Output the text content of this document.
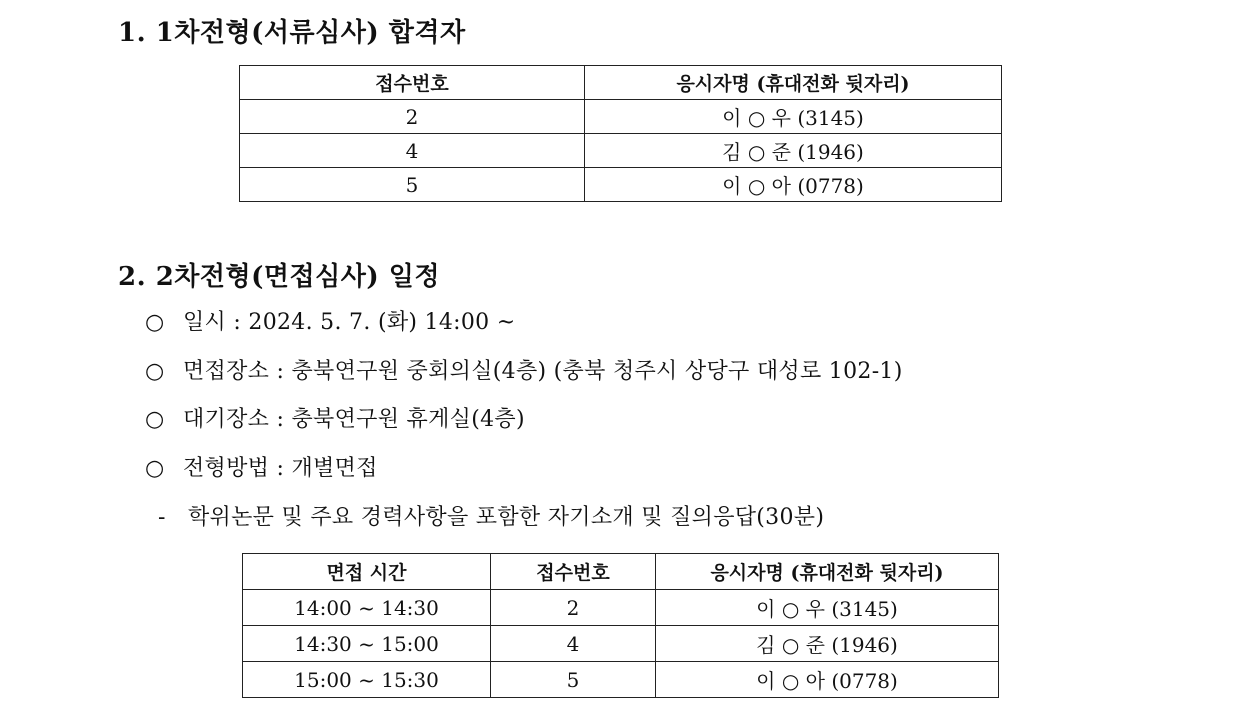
1. 1차전형(서류심사) 합격자
접수번호	응시자명 (휴대전화 뒷자리)
2	이 ○ 우 (3145)
4	김 ○ 준 (1946)
5	이 ○ 아 (0778)
2. 2차전형(면접심사) 일정
○ 일시 : 2024. 5. 7. (화) 14:00 ~
○ 면접장소 : 충북연구원 중회의실(4층) (충북 청주시 상당구 대성로 102-1)
○ 대기장소 : 충북연구원 휴게실(4층)
○ 전형방법 : 개별면접
- 학위논문 및 주요 경력사항을 포함한 자기소개 및 질의응답(30분)
면접 시간	접수번호	응시자명 (휴대전화 뒷자리)
14:00 ~ 14:30	2	이 ○ 우 (3145)
14:30 ~ 15:00	4	김 ○ 준 (1946)
15:00 ~ 15:30	5	이 ○ 아 (0778)
